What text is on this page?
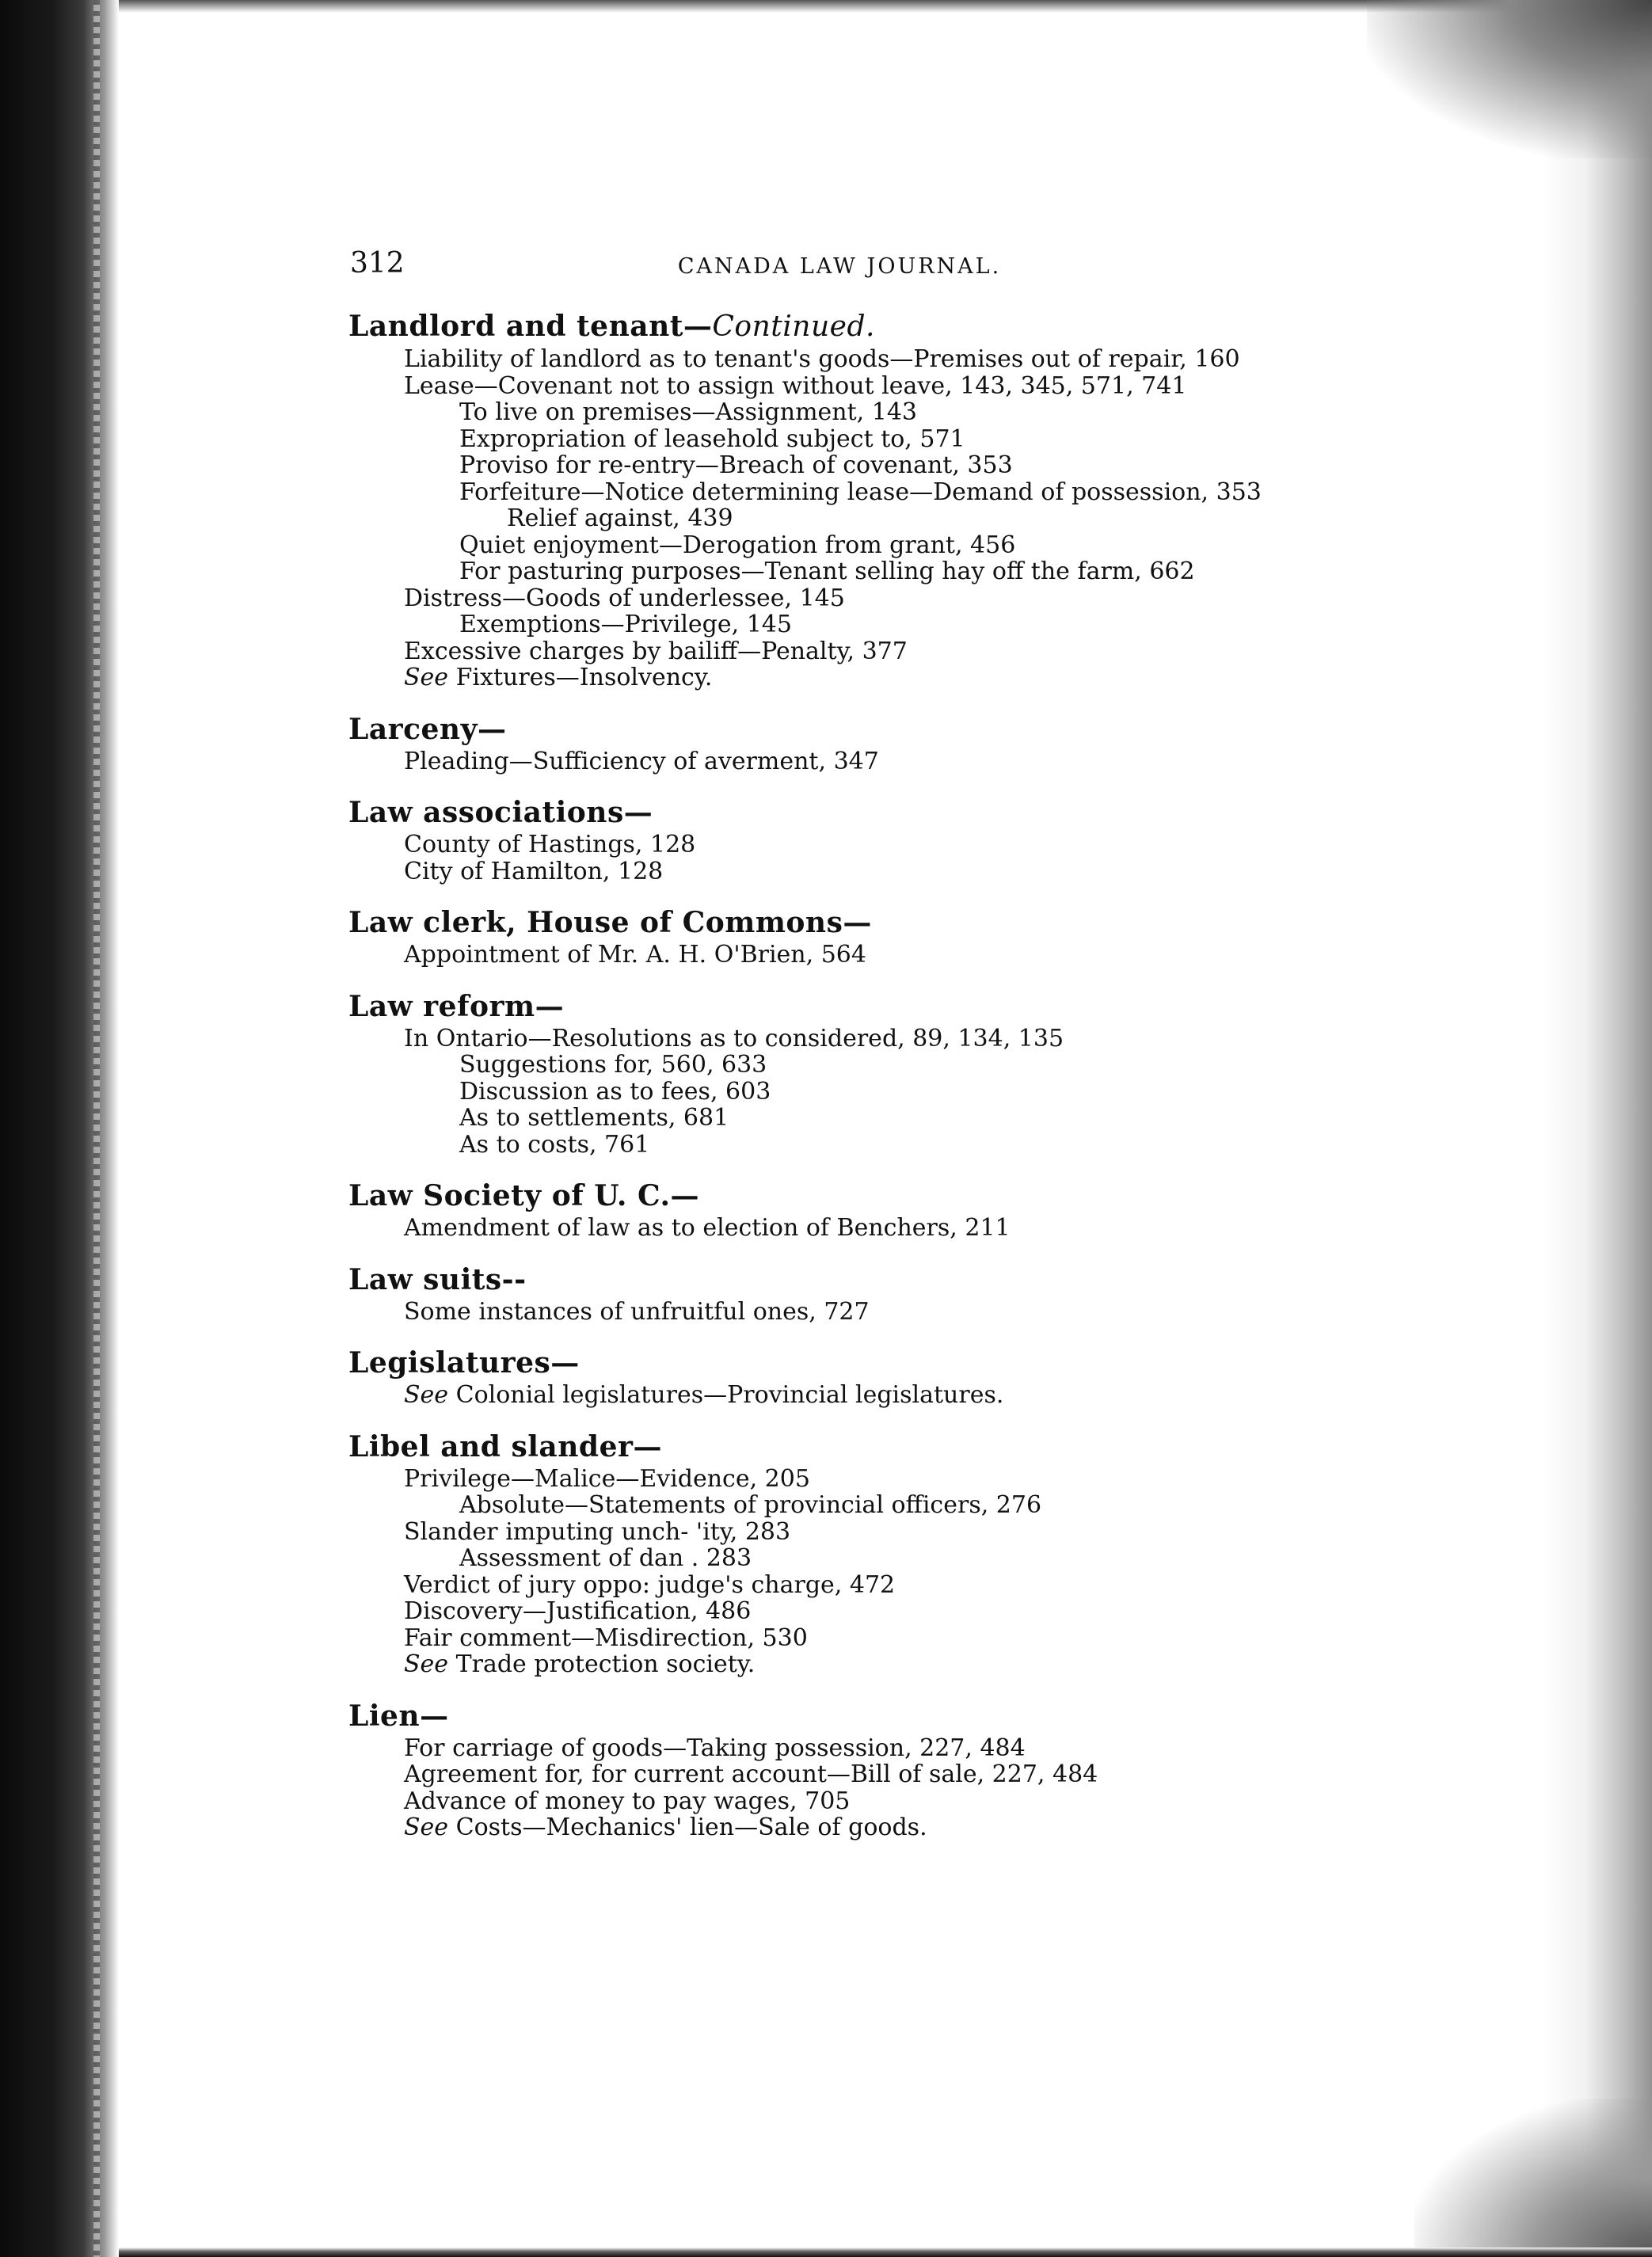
312	CANADA LAW JOURNAL.
Landlord and tenant—Continued.
Liability of landlord as to tenant's goods—Premises out of repair, 160
Lease—Covenant not to assign without leave, 143, 345, 571, 741
To live on premises—Assignment, 143
Expropriation of leasehold subject to, 571
Proviso for re-entry—Breach of covenant, 353
Forfeiture—Notice determining lease—Demand of possession, 353
Relief against, 439
Quiet enjoyment—Derogation from grant, 456
For pasturing purposes—Tenant selling hay off the farm, 662
Distress—Goods of underlessee, 145
Exemptions—Privilege, 145
Excessive charges by bailiff—Penalty, 377
See Fixtures—Insolvency.
Larceny—
Pleading—Sufficiency of averment, 347
Law associations—
County of Hastings, 128
City of Hamilton, 128
Law clerk, House of Commons—
Appointment of Mr. A. H. O'Brien, 564
Law reform—
In Ontario—Resolutions as to considered, 89, 134, 135
Suggestions for, 560, 633
Discussion as to fees, 603
As to settlements, 681
As to costs, 761
Law Society of U. C.—
Amendment of law as to election of Benchers, 211
Law suits--
Some instances of unfruitful ones, 727
Legislatures—
See Colonial legislatures—Provincial legislatures.
Libel and slander—
Privilege—Malice—Evidence, 205
Absolute—Statements of provincial officers, 276
Slander imputing unch- 'ity, 283
Assessment of dan . 283
Verdict of jury oppo: judge's charge, 472
Discovery—Justification, 486
Fair comment—Misdirection, 530
See Trade protection society.
Lien—
For carriage of goods—Taking possession, 227, 484
Agreement for, for current account—Bill of sale, 227, 484
Advance of money to pay wages, 705
See Costs—Mechanics' lien—Sale of goods.
